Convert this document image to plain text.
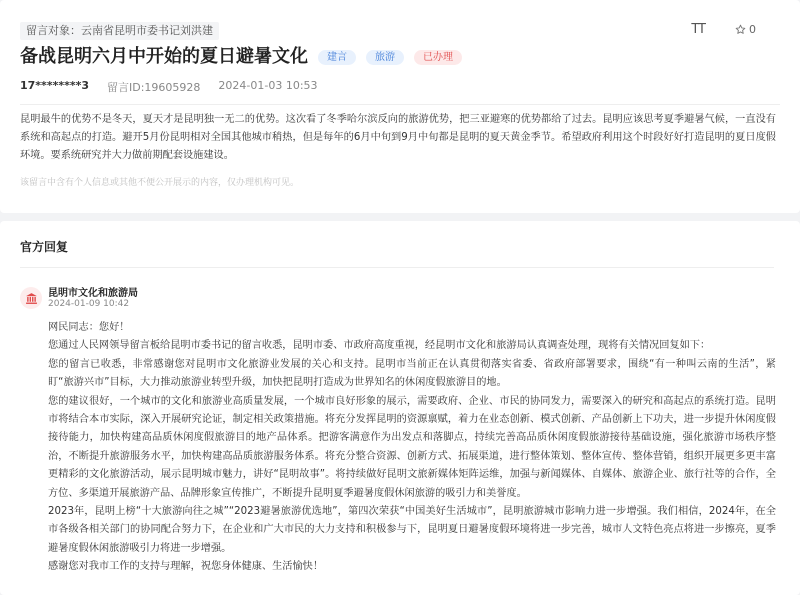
留言对象：云南省昆明市委书记刘洪建	TT	0
备战昆明六月中开始的夏日避暑文化	建言	旅游	已办理
17********3 留言ID:19605928 2024-01-03 10:53

昆明最牛的优势不是冬天，夏天才是昆明独一无二的优势。这次看了冬季哈尔滨反向的旅游优势，把三亚避寒的优势都给了过去。昆明应该思考夏季避暑气候，一直没有系统和高起点的打造。避开5月份昆明相对全国其他城市稍热，但是每年的6月中旬到9月中旬都是昆明的夏天黄金季节。希望政府利用这个时段好好打造昆明的夏日度假环境。要系统研究并大力做前期配套设施建设。

该留言中含有个人信息或其他不便公开展示的内容，仅办理机构可见。

官方回复
昆明市文化和旅游局
2024-01-09 10:42

网民同志：您好！

您通过人民网领导留言板给昆明市委书记的留言收悉，昆明市委、市政府高度重视，经昆明市文化和旅游局认真调查处理，现将有关情况回复如下：

您的留言已收悉，非常感谢您对昆明市文化旅游业发展的关心和支持。昆明市当前正在认真贯彻落实省委、省政府部署要求，围绕“有一种叫云南的生活”，紧盯“旅游兴市”目标，大力推动旅游业转型升级，加快把昆明打造成为世界知名的休闲度假旅游目的地。

您的建议很好，一个城市的文化和旅游业高质量发展，一个城市良好形象的展示，需要政府、企业、市民的协同发力，需要深入的研究和高起点的系统打造。昆明市将结合本市实际，深入开展研究论证，制定相关政策措施。将充分发挥昆明的资源禀赋，着力在业态创新、模式创新、产品创新上下功夫，进一步提升休闲度假接待能力，加快构建高品质休闲度假旅游目的地产品体系。把游客满意作为出发点和落脚点，持续完善高品质休闲度假旅游接待基础设施，强化旅游市场秩序整治，不断提升旅游服务水平，加快构建高品质旅游服务体系。将充分整合资源、创新方式、拓展渠道，进行整体策划、整体宣传、整体营销，组织开展更多更丰富更精彩的文化旅游活动，展示昆明城市魅力，讲好“昆明故事”。将持续做好昆明文旅新媒体矩阵运维，加强与新闻媒体、自媒体、旅游企业、旅行社等的合作，全方位、多渠道开展旅游产品、品牌形象宣传推广，不断提升昆明夏季避暑度假休闲旅游的吸引力和美誉度。

2023年，昆明上榜“十大旅游向往之城”“2023避暑旅游优选地”，第四次荣获“中国美好生活城市”，昆明旅游城市影响力进一步增强。我们相信，2024年，在全市各级各相关部门的协同配合努力下，在企业和广大市民的大力支持和积极参与下，昆明夏日避暑度假环境将进一步完善，城市人文特色亮点将进一步擦亮，夏季避暑度假休闲旅游吸引力将进一步增强。

感谢您对我市工作的支持与理解，祝您身体健康、生活愉快！
